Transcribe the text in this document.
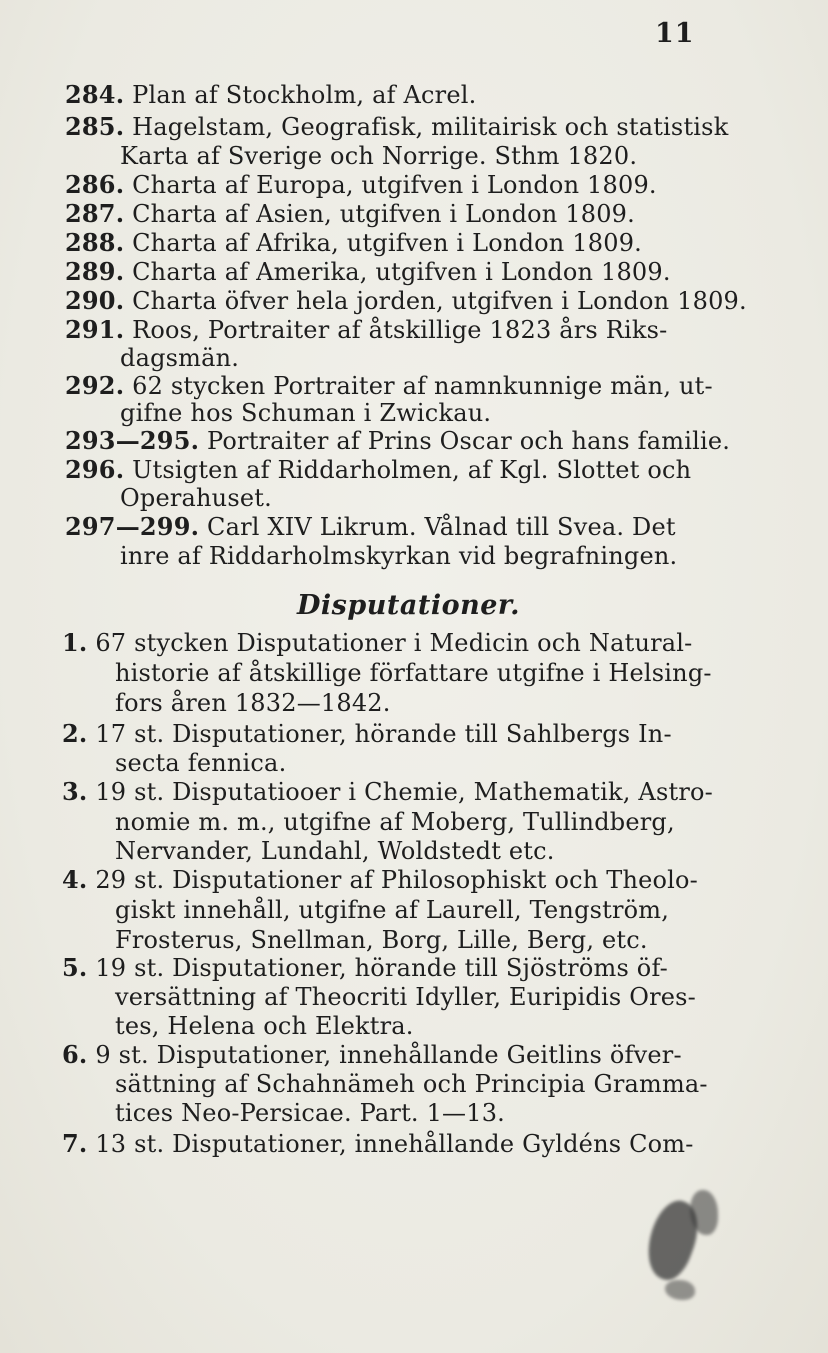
11
284. Plan af Stockholm, af Acrel.
285. Hagelstam, Geografisk, militairisk och statistisk
Karta af Sverige och Norrige. Sthm 1820.
286. Charta af Europa, utgifven i London 1809.
287. Charta af Asien, utgifven i London 1809.
288. Charta af Afrika, utgifven i London 1809.
289. Charta af Amerika, utgifven i London 1809.
290. Charta öfver hela jorden, utgifven i London 1809.
291. Roos, Portraiter af åtskillige 1823 års Riks-
dagsmän.
292. 62 stycken Portraiter af namnkunnige män, ut-
gifne hos Schuman i Zwickau.
293—295. Portraiter af Prins Oscar och hans familie.
296. Utsigten af Riddarholmen, af Kgl. Slottet och
Operahuset.
297—299. Carl XIV Likrum. Vålnad till Svea. Det
inre af Riddarholmskyrkan vid begrafningen.
Disputationer.
1. 67 stycken Disputationer i Medicin och Natural-
historie af åtskillige författare utgifne i Helsing-
fors åren 1832—1842.
2. 17 st. Disputationer, hörande till Sahlbergs In-
secta fennica.
3. 19 st. Disputatiooer i Chemie, Mathematik, Astro-
nomie m. m., utgifne af Moberg, Tullindberg,
Nervander, Lundahl, Woldstedt etc.
4. 29 st. Disputationer af Philosophiskt och Theolo-
giskt innehåll, utgifne af Laurell, Tengström,
Frosterus, Snellman, Borg, Lille, Berg, etc.
5. 19 st. Disputationer, hörande till Sjöströms öf-
versättning af Theocriti Idyller, Euripidis Ores-
tes, Helena och Elektra.
6. 9 st. Disputationer, innehållande Geitlins öfver-
sättning af Schahnämeh och Principia Gramma-
tices Neo-Persicae. Part. 1—13.
7. 13 st. Disputationer, innehållande Gyldéns Com-
